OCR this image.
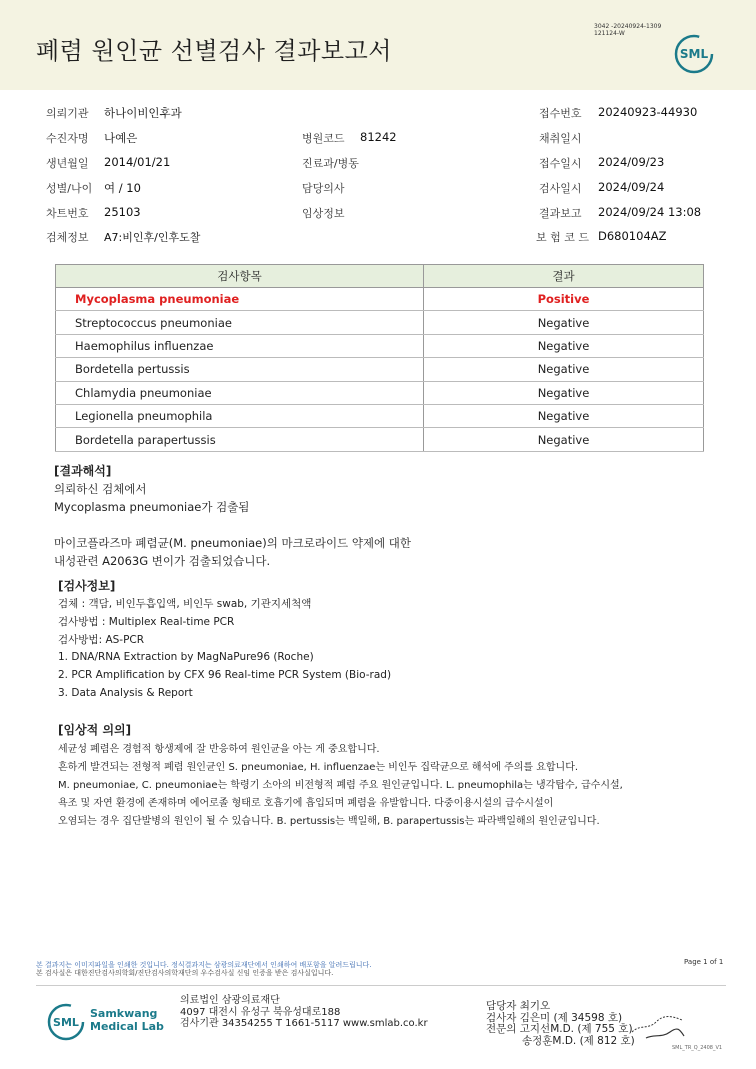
폐렴 원인균 선별검사 결과보고서
3042 -20240924-1309
121124-W
SML
의뢰기관 하나이비인후과	접수번호 20240923-44930
수진자명 나예은	병원코드 81242	채취일시
생년월일 2014/01/21	진료과/병동	접수일시 2024/09/23
성별/나이 여 / 10	담당의사	검사일시 2024/09/24
차트번호 25103	임상정보	결과보고 2024/09/24 13:08
검체정보 A7:비인후/인후도찰	보 험 코 드 D680104AZ
검사항목	결과
Mycoplasma pneumoniae	Positive
Streptococcus pneumoniae	Negative
Haemophilus influenzae	Negative
Bordetella pertussis	Negative
Chlamydia pneumoniae	Negative
Legionella pneumophila	Negative
Bordetella parapertussis	Negative
[결과해석]
의뢰하신 검체에서
Mycoplasma pneumoniae가 검출됨
마이코플라즈마 폐렴균(M. pneumoniae)의 마크로라이드 약제에 대한
내성관련 A2063G 변이가 검출되었습니다.
[검사정보]
검체 : 객담, 비인두흡입액, 비인두 swab, 기관지세척액
검사방법 : Multiplex Real-time PCR
검사방법: AS-PCR
1. DNA/RNA Extraction by MagNaPure96 (Roche)
2. PCR Amplification by CFX 96 Real-time PCR System (Bio-rad)
3. Data Analysis & Report
[임상적 의의]
세균성 폐렴은 경험적 항생제에 잘 반응하여 원인균을 아는 게 중요합니다.
흔하게 발견되는 전형적 폐렴 원인균인 S. pneumoniae, H. influenzae는 비인두 집락균으로 해석에 주의를 요합니다.
M. pneumoniae, C. pneumoniae는 학령기 소아의 비전형적 폐렴 주요 원인균입니다. L. pneumophila는 냉각탑수, 급수시설,
욕조 및 자연 환경에 존재하며 에어로졸 형태로 호흡기에 흡입되며 폐렴을 유발합니다. 다중이용시설의 급수시설이
오염되는 경우 집단발병의 원인이 될 수 있습니다. B. pertussis는 백일해, B. parapertussis는 파라백일해의 원인균입니다.
본 결과지는 이미지파일을 인쇄한 것입니다. 정식결과지는 삼광의료재단에서 인쇄하여 배포함을 알려드립니다.
본 검사실은 대한진단검사의학회/진단검사의학재단의 우수검사실 신임 인증을 받은 검사실입니다.
Page 1 of 1
SML
Samkwang
Medical Lab
의료법인 삼광의료재단
4097 대전시 유성구 북유성대로188
검사기관 34354255 T 1661-5117 www.smlab.co.kr
담당자 최기오
검사자 김은미 (제 34598 호)
전문의 고지선M.D. (제 755 호)
송정훈M.D. (제 812 호)
SML_TR_Q_2408_V1
